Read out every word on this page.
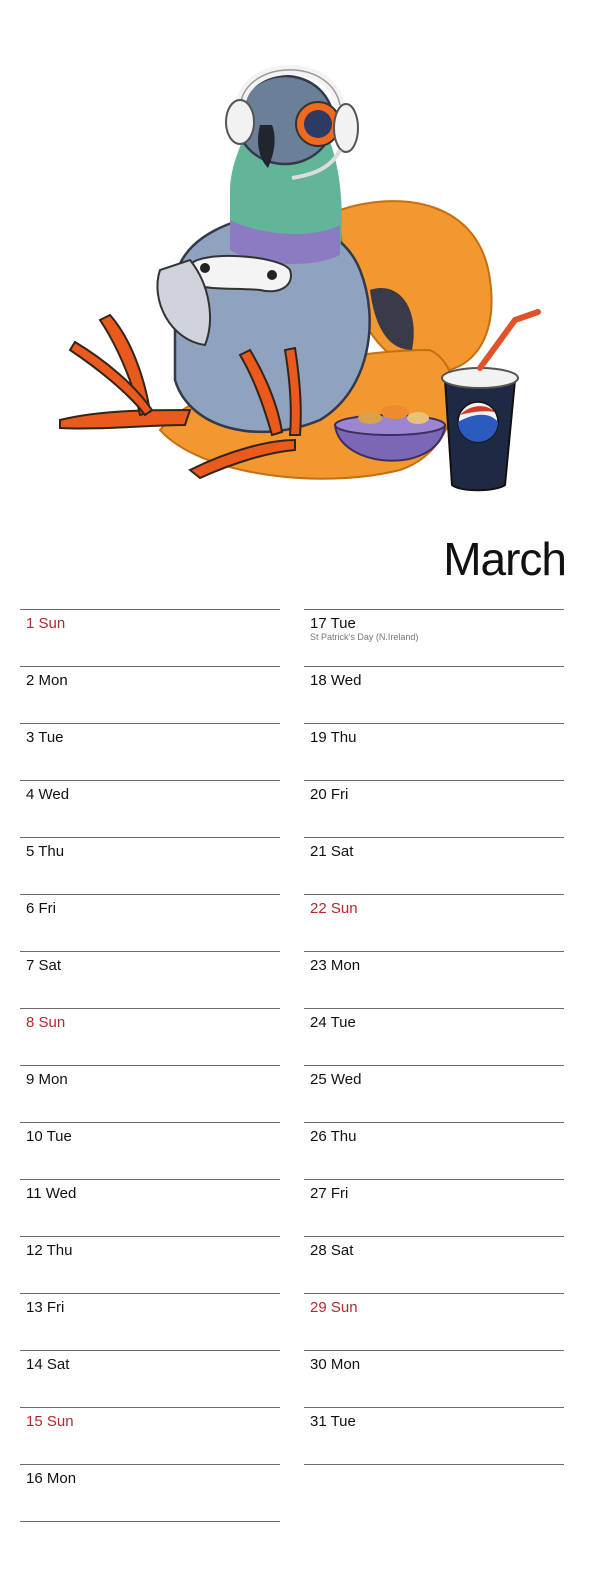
March
1 Sun
2 Mon
3 Tue
4 Wed
5 Thu
6 Fri
7 Sat
8 Sun
9 Mon
10 Tue
11 Wed
12 Thu
13 Fri
14 Sat
15 Sun
16 Mon
17 Tue
St Patrick’s Day (N.Ireland)
18 Wed
19 Thu
20 Fri
21 Sat
22 Sun
23 Mon
24 Tue
25 Wed
26 Thu
27 Fri
28 Sat
29 Sun
30 Mon
31 Tue
